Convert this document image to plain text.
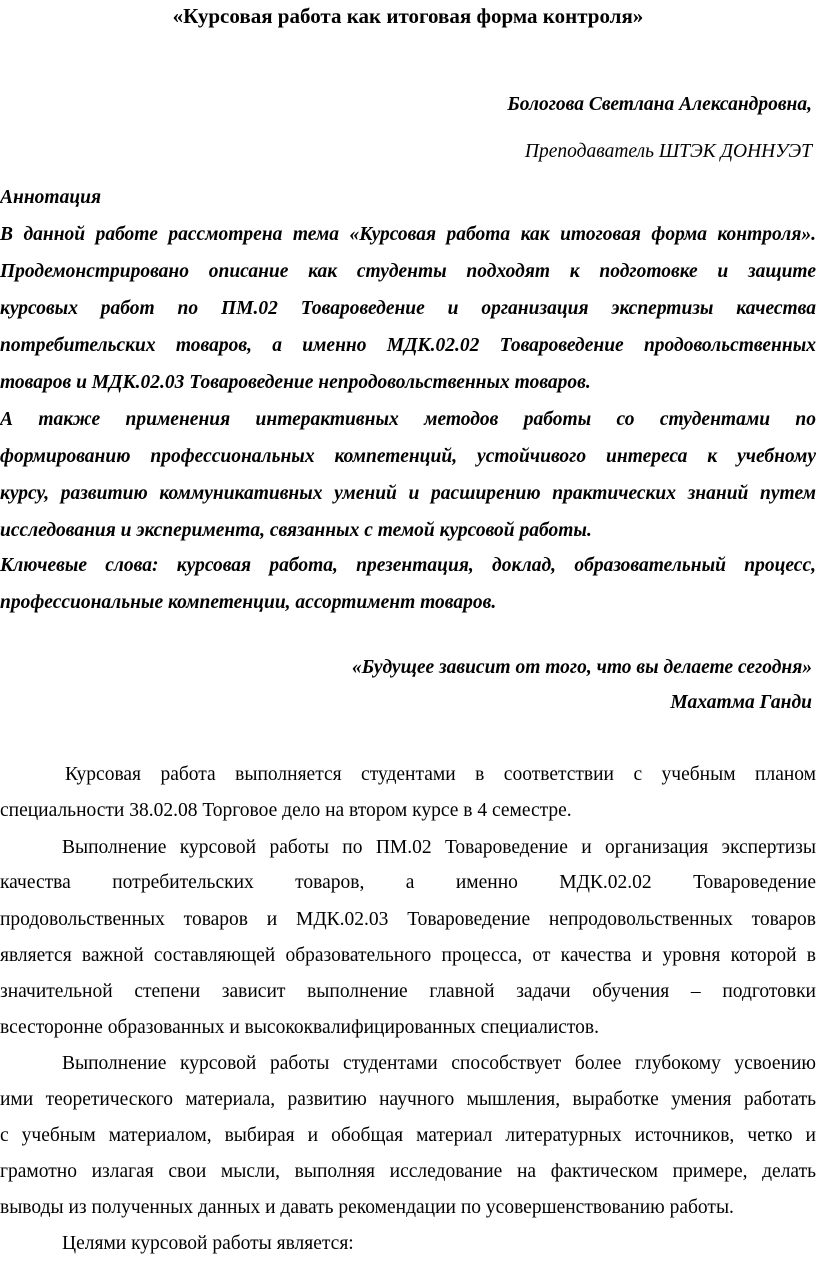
«Курсовая работа как итоговая форма контроля»
Бологова Светлана Александровна,
Преподаватель ШТЭК ДОННУЭТ
Аннотация
В данной работе рассмотрена тема «Курсовая работа как итоговая форма контроля».
Продемонстрировано описание как студенты подходят к подготовке и защите
курсовых работ по ПМ.02 Товароведение и организация экспертизы качества
потребительских товаров, а именно МДК.02.02 Товароведение продовольственных
товаров и МДК.02.03 Товароведение непродовольственных товаров.
А также применения интерактивных методов работы со студентами по
формированию профессиональных компетенций, устойчивого интереса к учебному
курсу, развитию коммуникативных умений и расширению практических знаний путем
исследования и эксперимента, связанных с темой курсовой работы.
Ключевые слова: курсовая работа, презентация, доклад, образовательный процесс,
профессиональные компетенции, ассортимент товаров.
«Будущее зависит от того, что вы делаете сегодня»
Махатма Ганди
Курсовая работа выполняется студентами в соответствии с учебным планом
специальности 38.02.08 Торговое дело на втором курсе в 4 семестре.
Выполнение курсовой работы по ПМ.02 Товароведение и организация экспертизы
качества потребительских товаров, а именно МДК.02.02 Товароведение
продовольственных товаров и МДК.02.03 Товароведение непродовольственных товаров
является важной составляющей образовательного процесса, от качества и уровня которой в
значительной степени зависит выполнение главной задачи обучения – подготовки
всесторонне образованных и высококвалифицированных специалистов.
Выполнение курсовой работы студентами способствует более глубокому усвоению
ими теоретического материала, развитию научного мышления, выработке умения работать
с учебным материалом, выбирая и обобщая материал литературных источников, четко и
грамотно излагая свои мысли, выполняя исследование на фактическом примере, делать
выводы из полученных данных и давать рекомендации по усовершенствованию работы.
Целями курсовой работы является:
